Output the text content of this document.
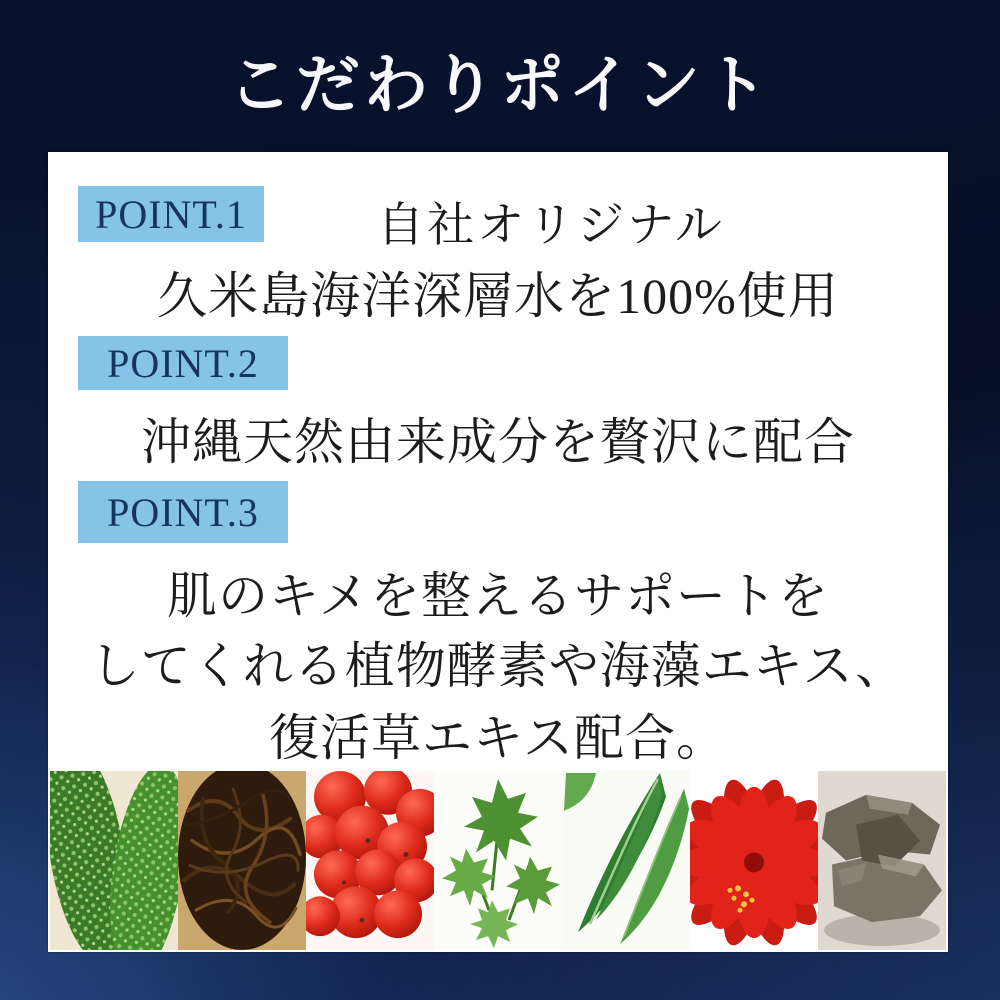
こだわりポイント
POINT.1	自社オリジナル
久米島海洋深層水を100%使用
POINT.2
沖縄天然由来成分を贅沢に配合
POINT.3
肌のキメを整えるサポートを
してくれる植物酵素や海藻エキス、
復活草エキス配合。
